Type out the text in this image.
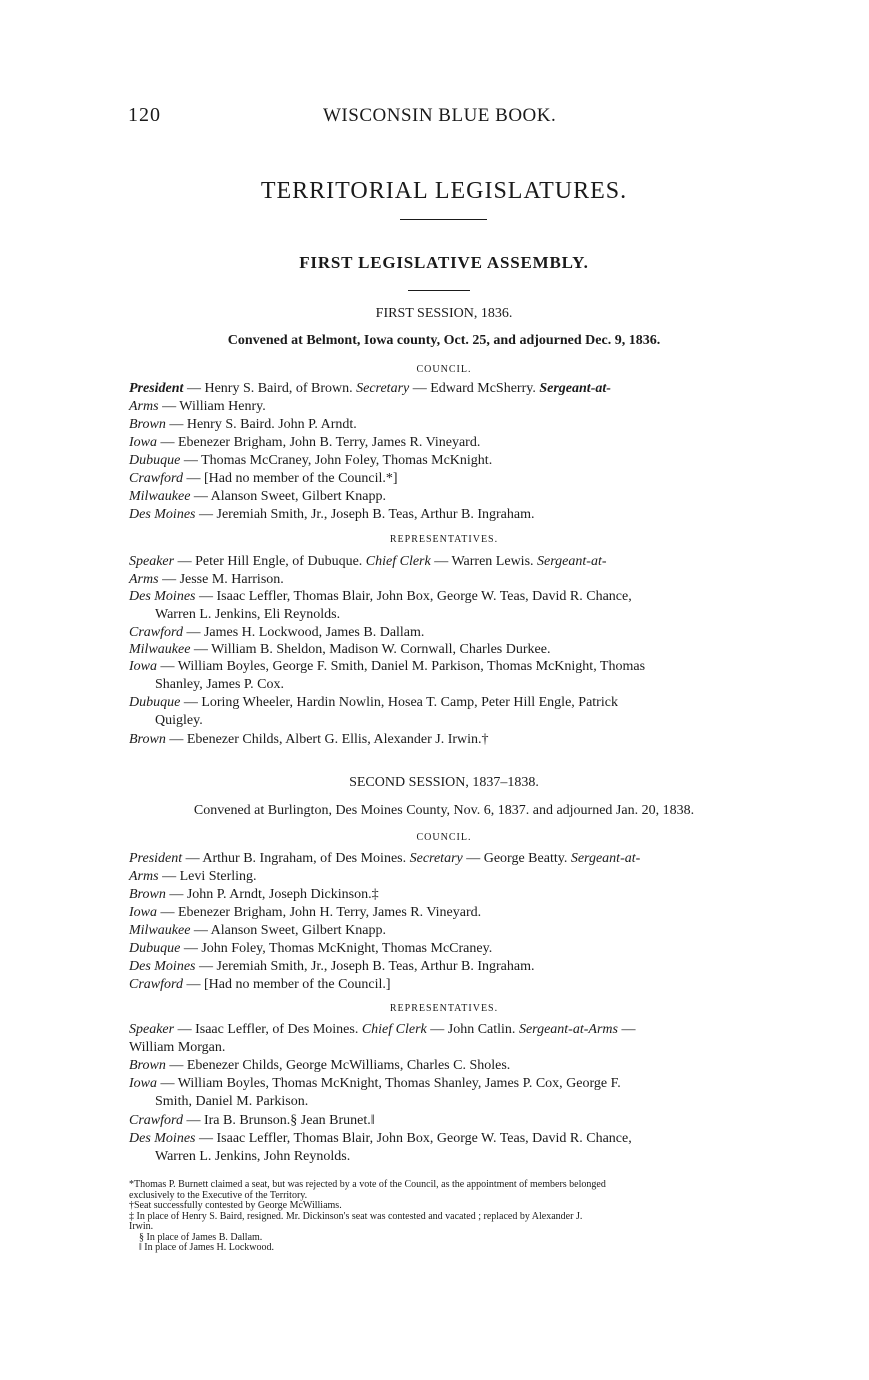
120	WISCONSIN BLUE BOOK.
TERRITORIAL LEGISLATURES.
FIRST LEGISLATIVE ASSEMBLY.
FIRST SESSION, 1836.
Convened at Belmont, Iowa county, Oct. 25, and adjourned Dec. 9, 1836.
COUNCIL.
President — Henry S. Baird, of Brown. Secretary — Edward McSherry. Sergeant-at-
Arms — William Henry.
Brown — Henry S. Baird. John P. Arndt.
Iowa — Ebenezer Brigham, John B. Terry, James R. Vineyard.
Dubuque — Thomas McCraney, John Foley, Thomas McKnight.
Crawford — [Had no member of the Council.*]
Milwaukee — Alanson Sweet, Gilbert Knapp.
Des Moines — Jeremiah Smith, Jr., Joseph B. Teas, Arthur B. Ingraham.
REPRESENTATIVES.
Speaker — Peter Hill Engle, of Dubuque. Chief Clerk — Warren Lewis. Sergeant-at-
Arms — Jesse M. Harrison.
Des Moines — Isaac Leffler, Thomas Blair, John Box, George W. Teas, David R. Chance,
Warren L. Jenkins, Eli Reynolds.
Crawford — James H. Lockwood, James B. Dallam.
Milwaukee — William B. Sheldon, Madison W. Cornwall, Charles Durkee.
Iowa — William Boyles, George F. Smith, Daniel M. Parkison, Thomas McKnight, Thomas
Shanley, James P. Cox.
Dubuque — Loring Wheeler, Hardin Nowlin, Hosea T. Camp, Peter Hill Engle, Patrick
Quigley.
Brown — Ebenezer Childs, Albert G. Ellis, Alexander J. Irwin.†
SECOND SESSION, 1837–1838.
Convened at Burlington, Des Moines County, Nov. 6, 1837. and adjourned Jan. 20, 1838.
COUNCIL.
President — Arthur B. Ingraham, of Des Moines. Secretary — George Beatty. Sergeant-at-
Arms — Levi Sterling.
Brown — John P. Arndt, Joseph Dickinson.‡
Iowa — Ebenezer Brigham, John H. Terry, James R. Vineyard.
Milwaukee — Alanson Sweet, Gilbert Knapp.
Dubuque — John Foley, Thomas McKnight, Thomas McCraney.
Des Moines — Jeremiah Smith, Jr., Joseph B. Teas, Arthur B. Ingraham.
Crawford — [Had no member of the Council.]
REPRESENTATIVES.
Speaker — Isaac Leffler, of Des Moines. Chief Clerk — John Catlin. Sergeant-at-Arms —
William Morgan.
Brown — Ebenezer Childs, George McWilliams, Charles C. Sholes.
Iowa — William Boyles, Thomas McKnight, Thomas Shanley, James P. Cox, George F.
Smith, Daniel M. Parkison.
Crawford — Ira B. Brunson.§ Jean Brunet.‖
Des Moines — Isaac Leffler, Thomas Blair, John Box, George W. Teas, David R. Chance,
Warren L. Jenkins, John Reynolds.
*Thomas P. Burnett claimed a seat, but was rejected by a vote of the Council, as the appointment of members belonged
exclusively to the Executive of the Territory.
†Seat successfully contested by George McWilliams.
‡ In place of Henry S. Baird, resigned. Mr. Dickinson's seat was contested and vacated ; replaced by Alexander J.
Irwin.
§ In place of James B. Dallam.
‖ In place of James H. Lockwood.
